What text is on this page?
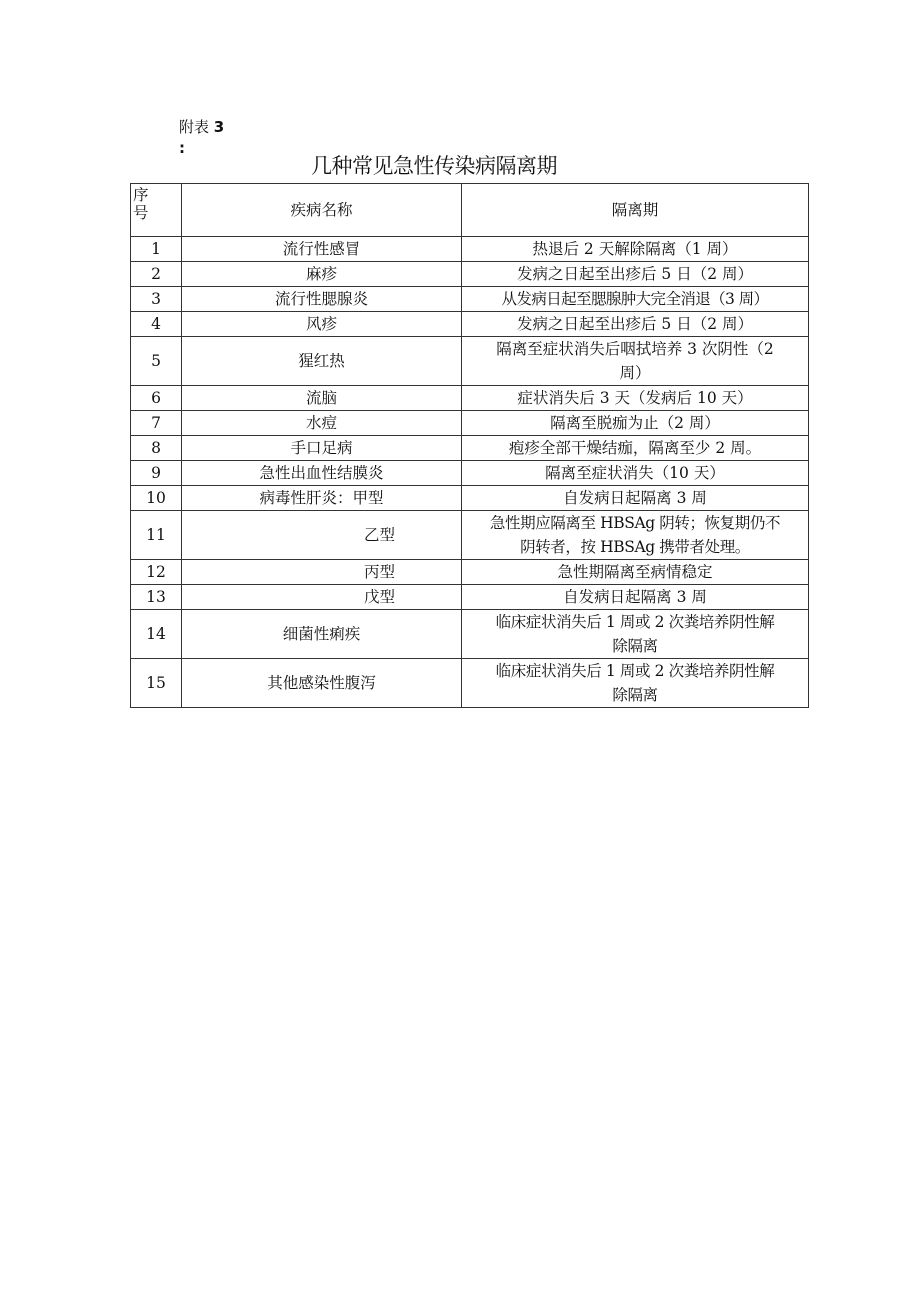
附表 3
:
几种常见急性传染病隔离期
序
号	疾病名称	隔离期
1	流行性感冒	热退后 2 天解除隔离（1 周）
2	麻疹	发病之日起至出疹后 5 日（2 周）
3	流行性腮腺炎	从发病日起至腮腺肿大完全消退（3 周）
4	风疹	发病之日起至出疹后 5 日（2 周）
5	猩红热	隔离至症状消失后咽拭培养 3 次阴性（2
周）
6	流脑	症状消失后 3 天（发病后 10 天）
7	水痘	隔离至脱痂为止（2 周）
8	手口足病	疱疹全部干燥结痂，隔离至少 2 周。
9	急性出血性结膜炎	隔离至症状消失（10 天）
10	病毒性肝炎：甲型	自发病日起隔离 3 周
11	乙型	急性期应隔离至 HBSAg 阴转；恢复期仍不
阴转者，按 HBSAg 携带者处理。
12	丙型	急性期隔离至病情稳定
13	戊型	自发病日起隔离 3 周
14	细菌性痢疾	临床症状消失后 1 周或 2 次粪培养阴性解
除隔离
15	其他感染性腹泻	临床症状消失后 1 周或 2 次粪培养阴性解
除隔离
